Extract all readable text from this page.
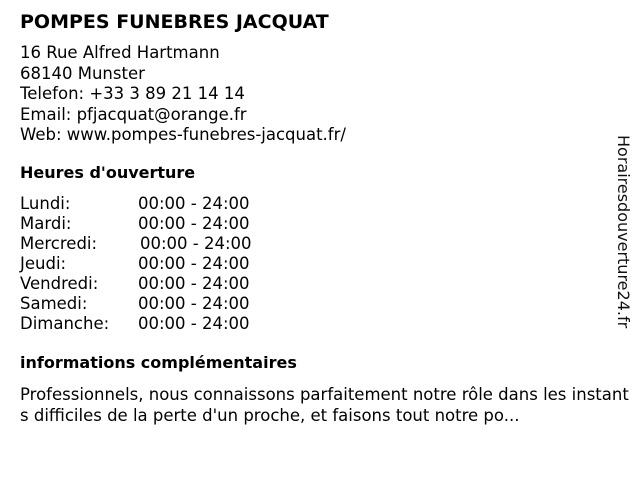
POMPES FUNEBRES JACQUAT
16 Rue Alfred Hartmann
68140 Munster
Telefon: +33 3 89 21 14 14
Email: pfjacquat@orange.fr
Web: www.pompes-funebres-jacquat.fr/
Heures d'ouverture
Lundi:	00:00 - 24:00
Mardi:	00:00 - 24:00
Mercredi:	00:00 - 24:00
Jeudi:	00:00 - 24:00
Vendredi: 00:00 - 24:00
Samedi:	00:00 - 24:00
Dimanche: 00:00 - 24:00
informations complémentaires
Professionnels, nous connaissons parfaitement notre rôle dans les instants difficiles de la perte d'un proche, et faisons tout notre po...
Horairesdouverture24.fr
